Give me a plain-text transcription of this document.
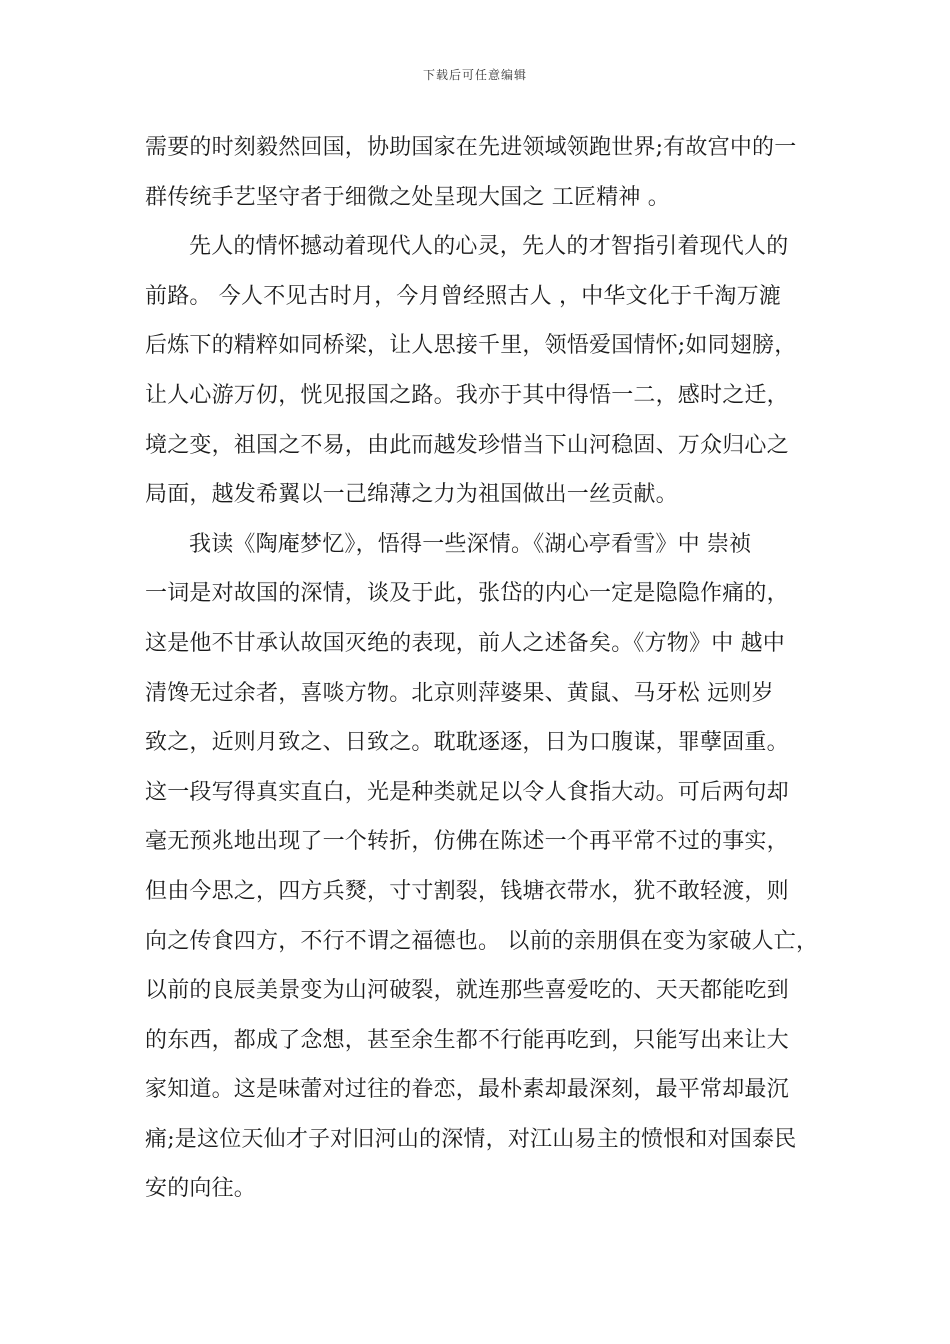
下载后可任意编辑
需要的时刻毅然回国，协助国家在先进领域领跑世界;有故宫中的一
群传统手艺坚守者于细微之处呈现大国之 工匠精神 。
先人的情怀撼动着现代人的心灵，先人的才智指引着现代人的
前路。 今人不见古时月，今月曾经照古人 ，中华文化于千淘万漉
后炼下的精粹如同桥梁，让人思接千里，领悟爱国情怀;如同翅膀，
让人心游万仞，恍见报国之路。我亦于其中得悟一二，感时之迁，
境之变，祖国之不易，由此而越发珍惜当下山河稳固、万众归心之
局面，越发希翼以一己绵薄之力为祖国做出一丝贡献。
我读《陶庵梦忆》，悟得一些深情。《湖心亭看雪》中 崇祯
一词是对故国的深情，谈及于此，张岱的内心一定是隐隐作痛的，
这是他不甘承认故国灭绝的表现，前人之述备矣。《方物》中 越中
清馋无过余者，喜啖方物。北京则萍婆果、黄鼠、马牙松 远则岁
致之，近则月致之、日致之。耽耽逐逐，日为口腹谋，罪孽固重。
这一段写得真实直白，光是种类就足以令人食指大动。可后两句却
毫无预兆地出现了一个转折，仿佛在陈述一个再平常不过的事实，
但由今思之，四方兵燹，寸寸割裂，钱塘衣带水，犹不敢轻渡，则
向之传食四方，不行不谓之福德也。 以前的亲朋俱在变为家破人亡，
以前的良辰美景变为山河破裂，就连那些喜爱吃的、天天都能吃到
的东西，都成了念想，甚至余生都不行能再吃到，只能写出来让大
家知道。这是味蕾对过往的眷恋，最朴素却最深刻，最平常却最沉
痛;是这位天仙才子对旧河山的深情，对江山易主的愤恨和对国泰民
安的向往。
